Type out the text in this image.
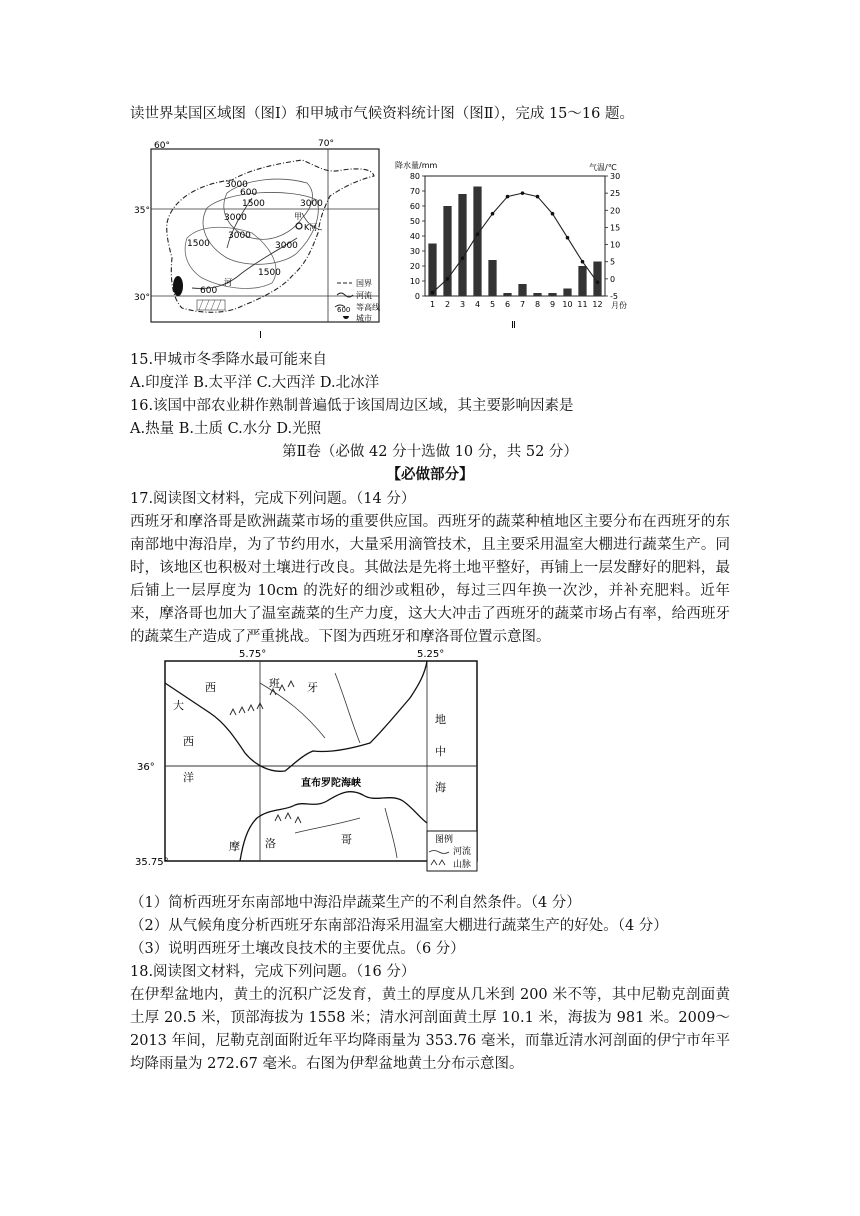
读世界某国区域图（图Ⅰ）和甲城市气候资料统计图（图Ⅱ），完成 15～16 题。
60°	70°
35°
30°
3000
600
1500	3000
3000
1500
3000
3000
1500
600
甲
K河
河	国界
河流
600 等高线
城市
Ⅰ
降水量/mm	气温/℃
0
10
20
30
40
50
60
70
80
-5
0
5
10
15
20
25
30
1 2 3 4 5 6 7 8 9 10 11 12 月份
Ⅱ
15.甲城市冬季降水最可能来自
A.印度洋 B.太平洋 C.大西洋 D.北冰洋
16.该国中部农业耕作熟制普遍低于该国周边区域，其主要影响因素是
A.热量 B.土质 C.水分 D.光照
第Ⅱ卷（必做 42 分十选做 10 分，共 52 分）
【必做部分】
17.阅读图文材料，完成下列问题。（14 分）
西班牙和摩洛哥是欧洲蔬菜市场的重要供应国。西班牙的蔬菜种植地区主要分布在西班牙的东南部地中海沿岸，为了节约用水，大量采用滴管技术，且主要采用温室大棚进行蔬菜生产。同时，该地区也积极对土壤进行改良。其做法是先将土地平整好，再铺上一层发酵好的肥料，最后铺上一层厚度为 10cm 的洗好的细沙或粗砂，每过三四年换一次沙，并补充肥料。近年来，摩洛哥也加大了温室蔬菜的生产力度，这大大冲击了西班牙的蔬菜市场占有率，给西班牙的蔬菜生产造成了严重挑战。下图为西班牙和摩洛哥位置示意图。
5.75°	5.25°
36°
35.75°
大
西
洋
地
中
海
西	班 牙
摩 洛	哥
直布罗陀海峡
图例
河流
山脉
（1）简析西班牙东南部地中海沿岸蔬菜生产的不利自然条件。（4 分）
（2）从气候角度分析西班牙东南部沿海采用温室大棚进行蔬菜生产的好处。（4 分）
（3）说明西班牙土壤改良技术的主要优点。（6 分）
18.阅读图文材料，完成下列问题。（16 分）
在伊犁盆地内，黄土的沉积广泛发育，黄土的厚度从几米到 200 米不等，其中尼勒克剖面黄土厚 20.5 米，顶部海拔为 1558 米；清水河剖面黄土厚 10.1 米，海拔为 981 米。2009～2013 年间，尼勒克剖面附近年平均降雨量为 353.76 毫米，而靠近清水河剖面的伊宁市年平均降雨量为 272.67 毫米。右图为伊犁盆地黄土分布示意图。
